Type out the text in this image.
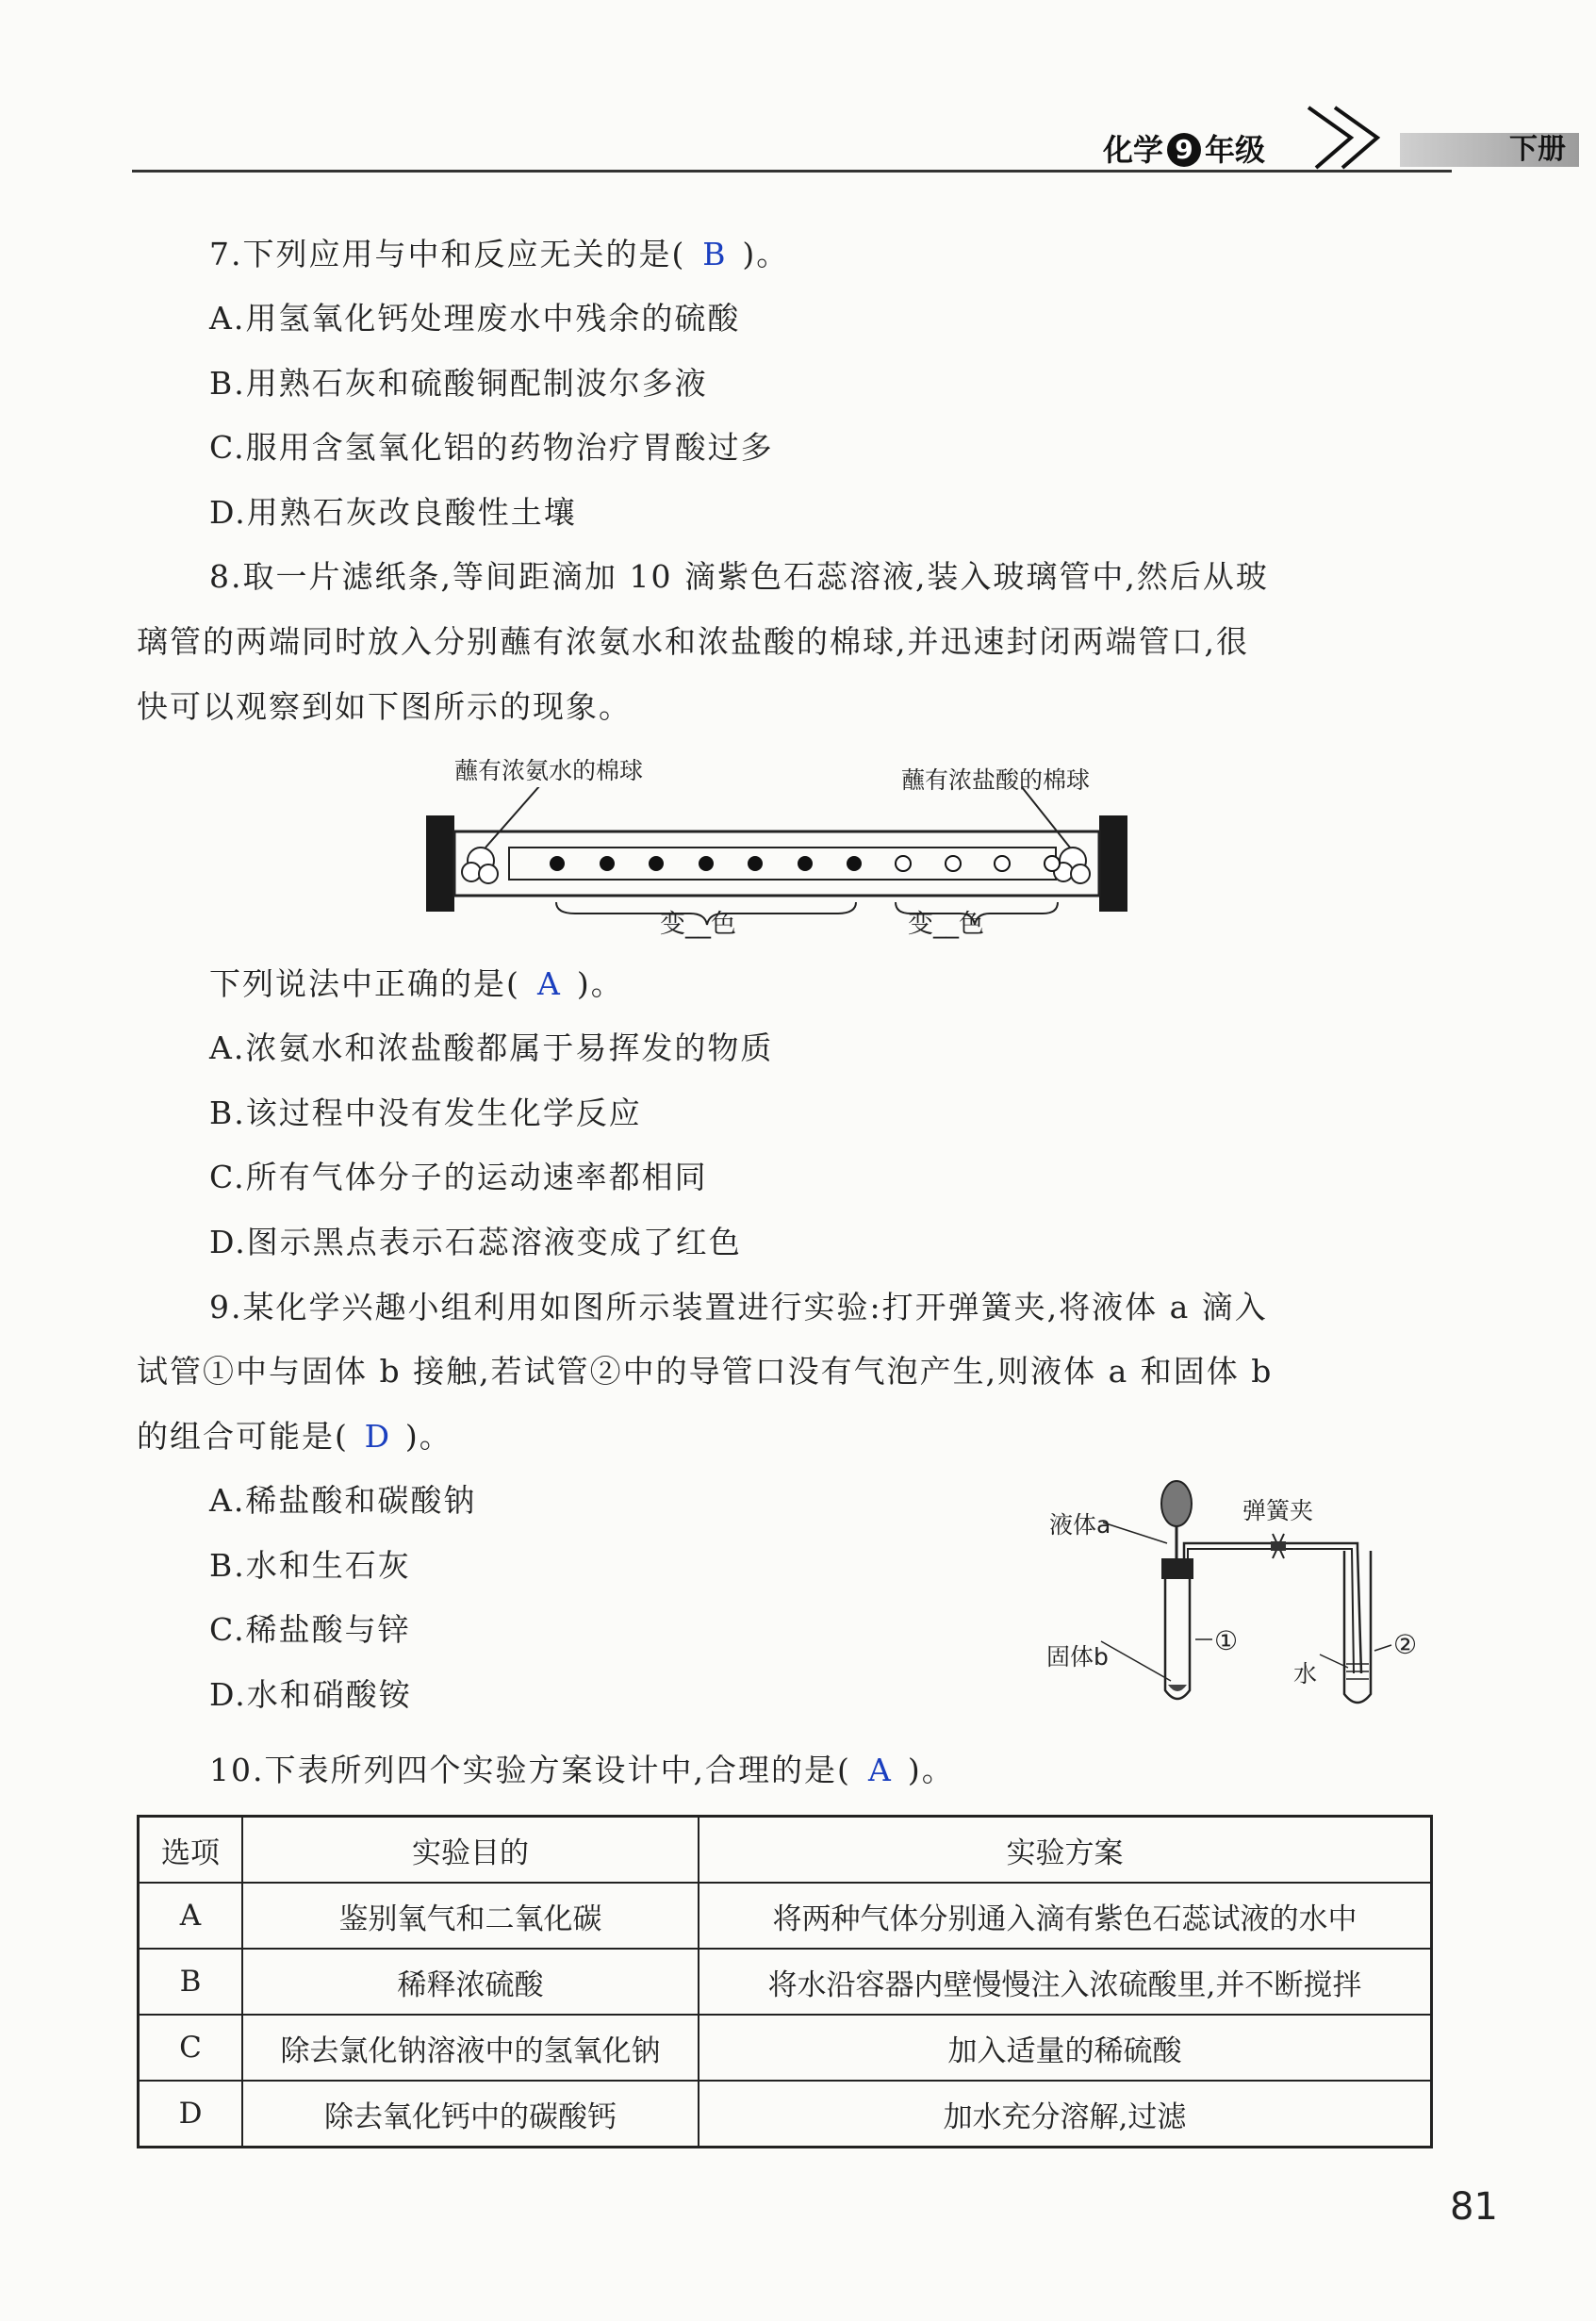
化学 9 年级	下册
7.下列应用与中和反应无关的是( B )。
A.用氢氧化钙处理废水中残余的硫酸
B.用熟石灰和硫酸铜配制波尔多液
C.服用含氢氧化铝的药物治疗胃酸过多
D.用熟石灰改良酸性土壤
8.取一片滤纸条,等间距滴加 10 滴紫色石蕊溶液,装入玻璃管中,然后从玻
璃管的两端同时放入分别蘸有浓氨水和浓盐酸的棉球,并迅速封闭两端管口,很
快可以观察到如下图所示的现象。
蘸有浓氨水的棉球	蘸有浓盐酸的棉球
变__色	变__色
下列说法中正确的是( A )。
A.浓氨水和浓盐酸都属于易挥发的物质
B.该过程中没有发生化学反应
C.所有气体分子的运动速率都相同
D.图示黑点表示石蕊溶液变成了红色
9.某化学兴趣小组利用如图所示装置进行实验:打开弹簧夹,将液体 a 滴入
试管①中与固体 b 接触,若试管②中的导管口没有气泡产生,则液体 a 和固体 b
的组合可能是( D )。
A.稀盐酸和碳酸钠
B.水和生石灰
C.稀盐酸与锌
D.水和硝酸铵
液体a
弹簧夹
固体b
水
①	②
10.下表所列四个实验方案设计中,合理的是( A )。
选项	实验目的	实验方案
A	鉴别氧气和二氧化碳	将两种气体分别通入滴有紫色石蕊试液的水中
B	稀释浓硫酸	将水沿容器内壁慢慢注入浓硫酸里,并不断搅拌
C	除去氯化钠溶液中的氢氧化钠	加入适量的稀硫酸
D	除去氧化钙中的碳酸钙	加水充分溶解,过滤
81
